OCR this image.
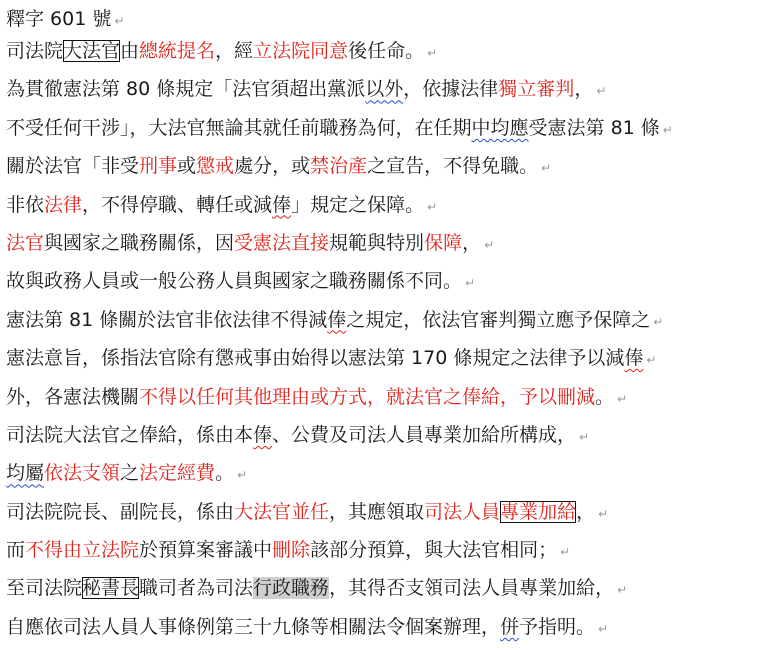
釋字 601 號 ↵
司法院大法官由總統提名，經立法院同意後任命。 ↵
為貫徹憲法第 80 條規定「法官須超出黨派以外，依據法律獨立審判， ↵
不受任何干涉」，大法官無論其就任前職務為何，在任期中均應受憲法第 81 條 ↵
關於法官「非受刑事或懲戒處分，或禁治產之宣告，不得免職。 ↵
非依法律，不得停職、轉任或減俸」規定之保障。 ↵
法官與國家之職務關係，因受憲法直接規範與特別保障， ↵
故與政務人員或一般公務人員與國家之職務關係不同。 ↵
憲法第 81 條關於法官非依法律不得減俸之規定，依法官審判獨立應予保障之 ↵
憲法意旨，係指法官除有懲戒事由始得以憲法第 170 條規定之法律予以減俸 ↵
外，各憲法機關不得以任何其他理由或方式，就法官之俸給，予以刪減。 ↵
司法院大法官之俸給，係由本俸、公費及司法人員專業加給所構成， ↵
均屬依法支領之法定經費。 ↵
司法院院長、副院長，係由大法官並任，其應領取司法人員專業加給， ↵
而不得由立法院於預算案審議中刪除該部分預算，與大法官相同； ↵
至司法院秘書長職司者為司法行政職務，其得否支領司法人員專業加給， ↵
自應依司法人員人事條例第三十九條等相關法令個案辦理，併予指明。 ↵
